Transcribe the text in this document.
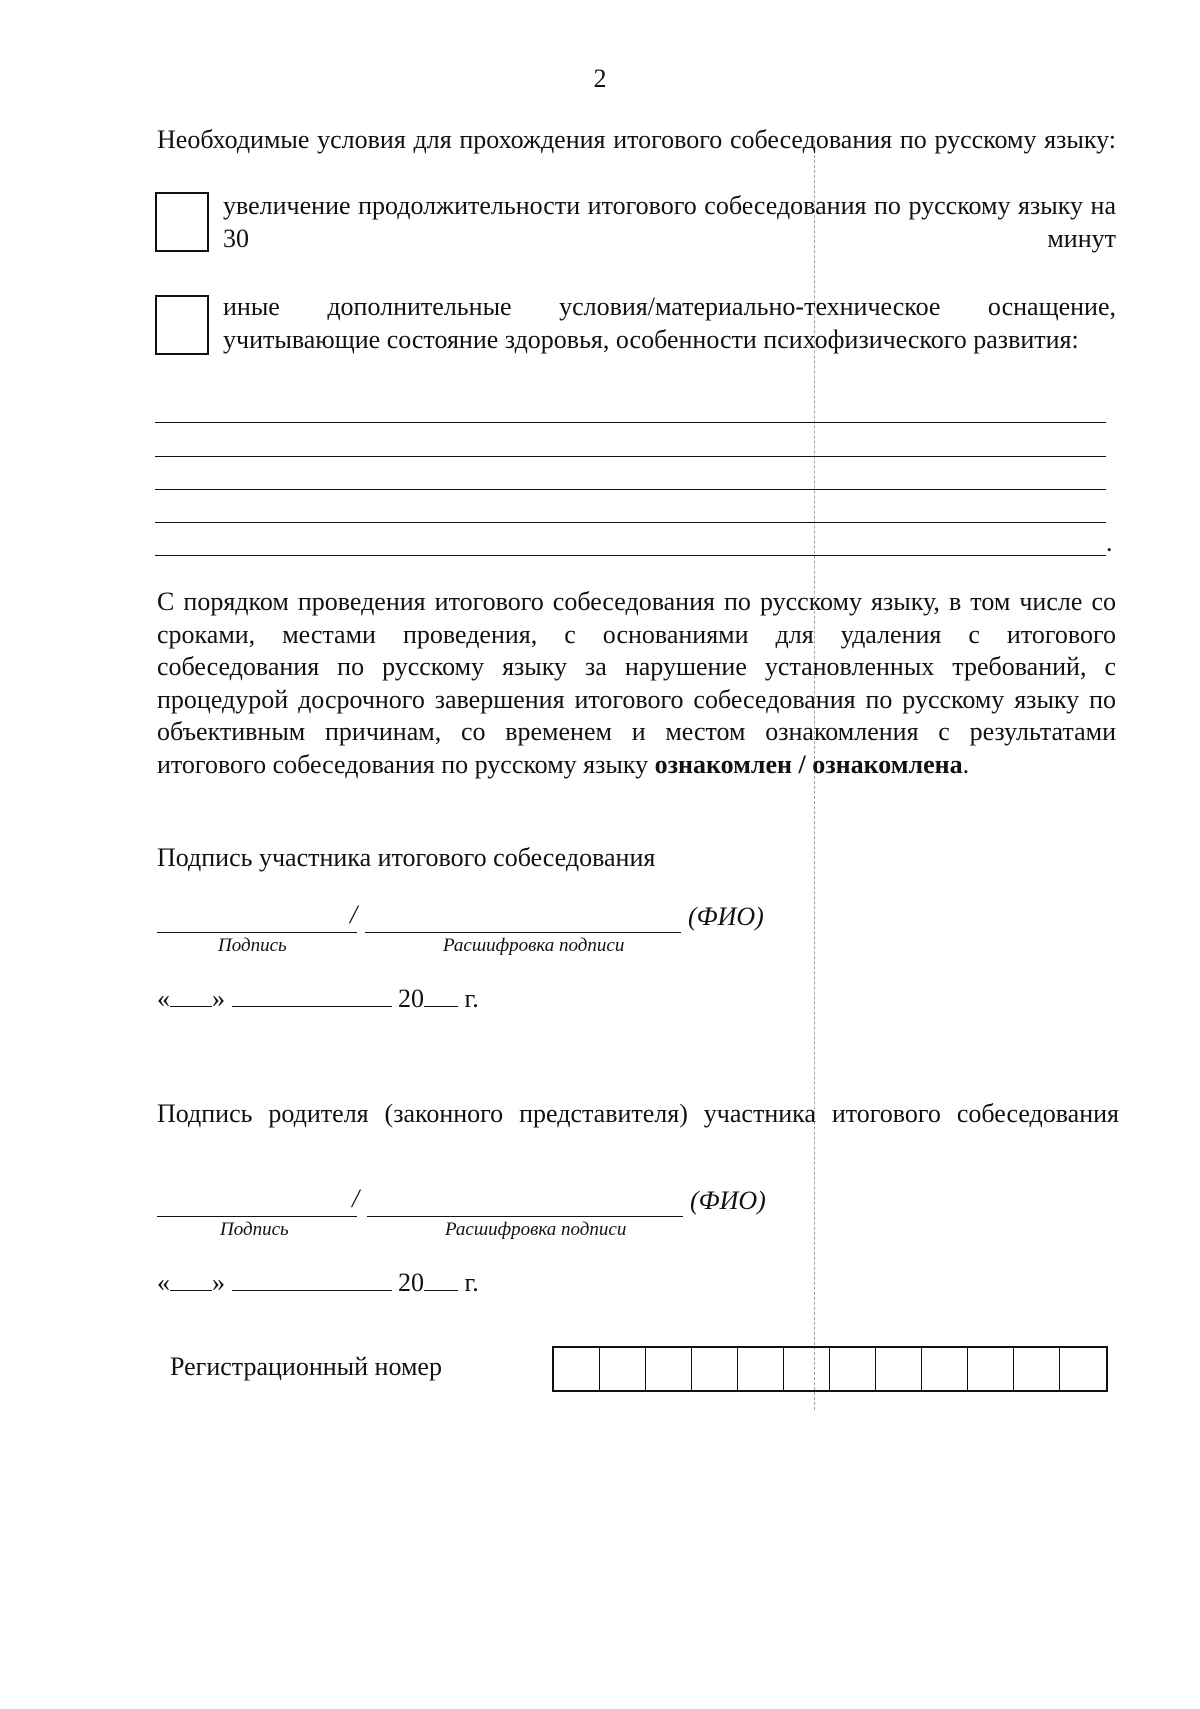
2
Необходимые условия для прохождения итогового собеседования по русскому языку:
увеличение продолжительности итогового собеседования по русскому языку на 30 минут
иные дополнительные условия/материально-техническое оснащение, учитывающие состояние здоровья, особенности психофизического развития:
.
С порядком проведения итогового собеседования по русскому языку, в том числе со сроками, местами проведения, с основаниями для удаления с итогового собеседования по русскому языку за нарушение установленных требований, с процедурой досрочного завершения итогового собеседования по русскому языку по объективным причинам, со временем и местом ознакомления с результатами итогового собеседования по русскому языку ознакомлен / ознакомлена.
Подпись участника итогового собеседования
/	(ФИО)
Подпись	Расшифровка подписи
« »	20 г.
Подпись родителя (законного представителя) участника итогового собеседования
/	(ФИО)
Подпись	Расшифровка подписи
« »	20 г.
Регистрационный номер
